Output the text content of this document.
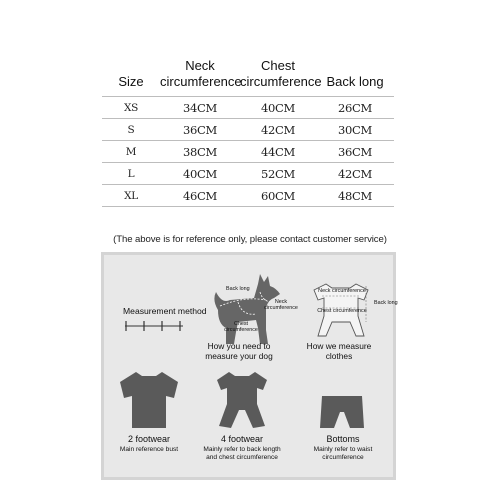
Size	Neck circumference	Chest circumference	Back long
XS	34CM	40CM	26CM
S	36CM	42CM	30CM
M	38CM	44CM	36CM
L	40CM	52CM	42CM
XL	46CM	60CM	48CM
(The above is for reference only, please contact customer service)
Measurement method
Back long
Neck circumference
Chest circumference
How you need to measure your dog
Neck circumference
Chest circumference
Back long
How we measure clothes
2 footwear
Main reference bust
4 footwear
Mainly refer to back length and chest circumference
Bottoms
Mainly refer to waist circumference
